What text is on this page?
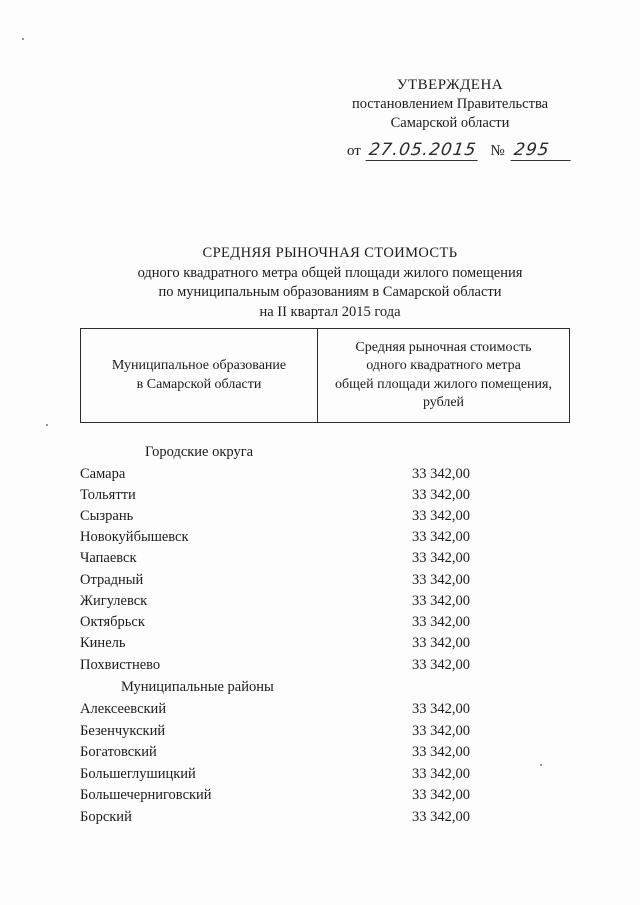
УТВЕРЖДЕНА
постановлением Правительства
Самарской области
от 27.05.2015 № 295
СРЕДНЯЯ РЫНОЧНАЯ СТОИМОСТЬ
одного квадратного метра общей площади жилого помещения
по муниципальным образованиям в Самарской области
на II квартал 2015 года
Муниципальное образование
в Самарской области
Средняя рыночная стоимость
одного квадратного метра
общей площади жилого помещения,
рублей
Городские округа
Самара	33 342,00
Тольятти	33 342,00
Сызрань	33 342,00
Новокуйбышевск	33 342,00
Чапаевск	33 342,00
Отрадный	33 342,00
Жигулевск	33 342,00
Октябрьск	33 342,00
Кинель	33 342,00
Похвистнево	33 342,00
Муниципальные районы
Алексеевский	33 342,00
Безенчукский	33 342,00
Богатовский	33 342,00
Большеглушицкий	33 342,00
Большечерниговский	33 342,00
Борский	33 342,00
